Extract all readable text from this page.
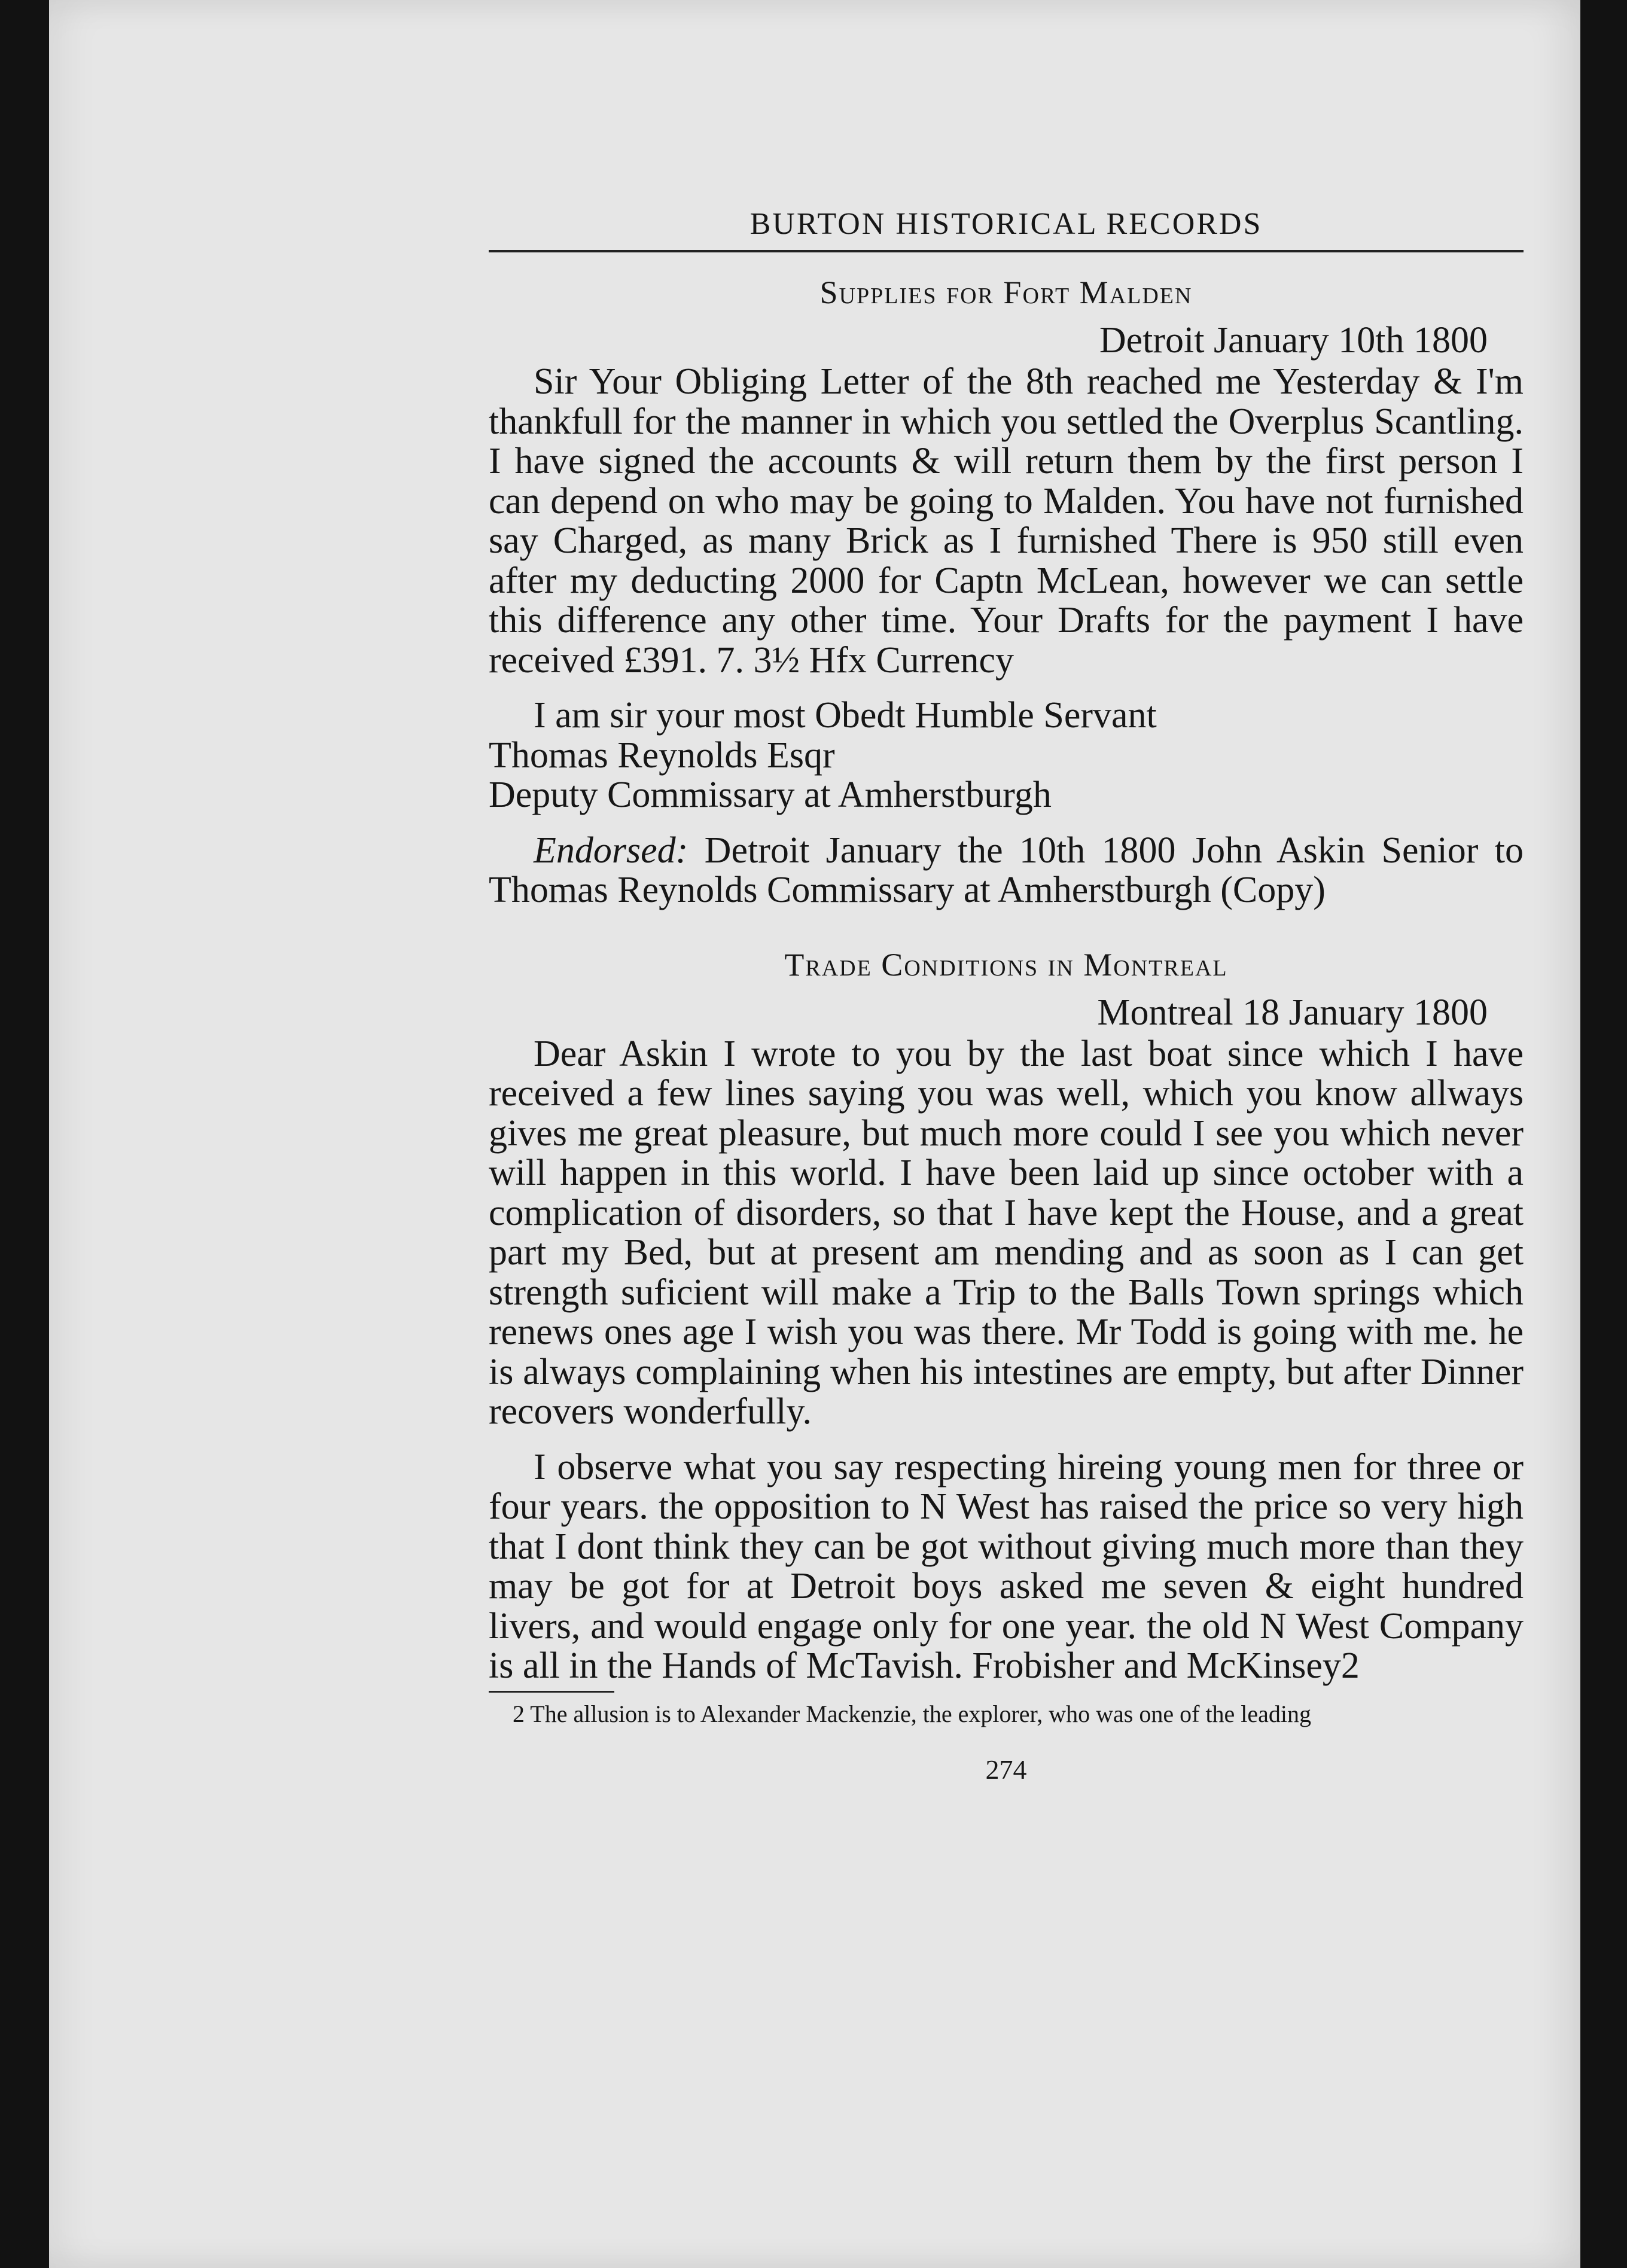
BURTON HISTORICAL RECORDS
Supplies for Fort Malden
Detroit January 10th 1800

Sir Your Obliging Letter of the 8th reached me Yesterday & I'm thankfull for the manner in which you settled the Overplus Scantling. I have signed the accounts & will return them by the first person I can depend on who may be going to Malden. You have not furnished say Charged, as many Brick as I furnished There is 950 still even after my deducting 2000 for Captn McLean, however we can settle this difference any other time. Your Drafts for the payment I have received £391. 7. 3½ Hfx Currency

I am sir your most Obedt Humble Servant

Thomas Reynolds Esqr

Deputy Commissary at Amherstburgh

Endorsed: Detroit January the 10th 1800 John Askin Senior to Thomas Reynolds Commissary at Amherstburgh (Copy)

Trade Conditions in Montreal
Montreal 18 January 1800

Dear Askin I wrote to you by the last boat since which I have received a few lines saying you was well, which you know allways gives me great pleasure, but much more could I see you which never will happen in this world. I have been laid up since october with a complication of disorders, so that I have kept the House, and a great part my Bed, but at present am mending and as soon as I can get strength suficient will make a Trip to the Balls Town springs which renews ones age I wish you was there. Mr Todd is going with me. he is always complaining when his intestines are empty, but after Dinner recovers wonderfully.

I observe what you say respecting hireing young men for three or four years. the opposition to N West has raised the price so very high that I dont think they can be got without giving much more than they may be got for at Detroit boys asked me seven & eight hundred livers, and would engage only for one year. the old N West Company is all in the Hands of McTavish. Frobisher and McKinsey2

2 The allusion is to Alexander Mackenzie, the explorer, who was one of the leading

274
